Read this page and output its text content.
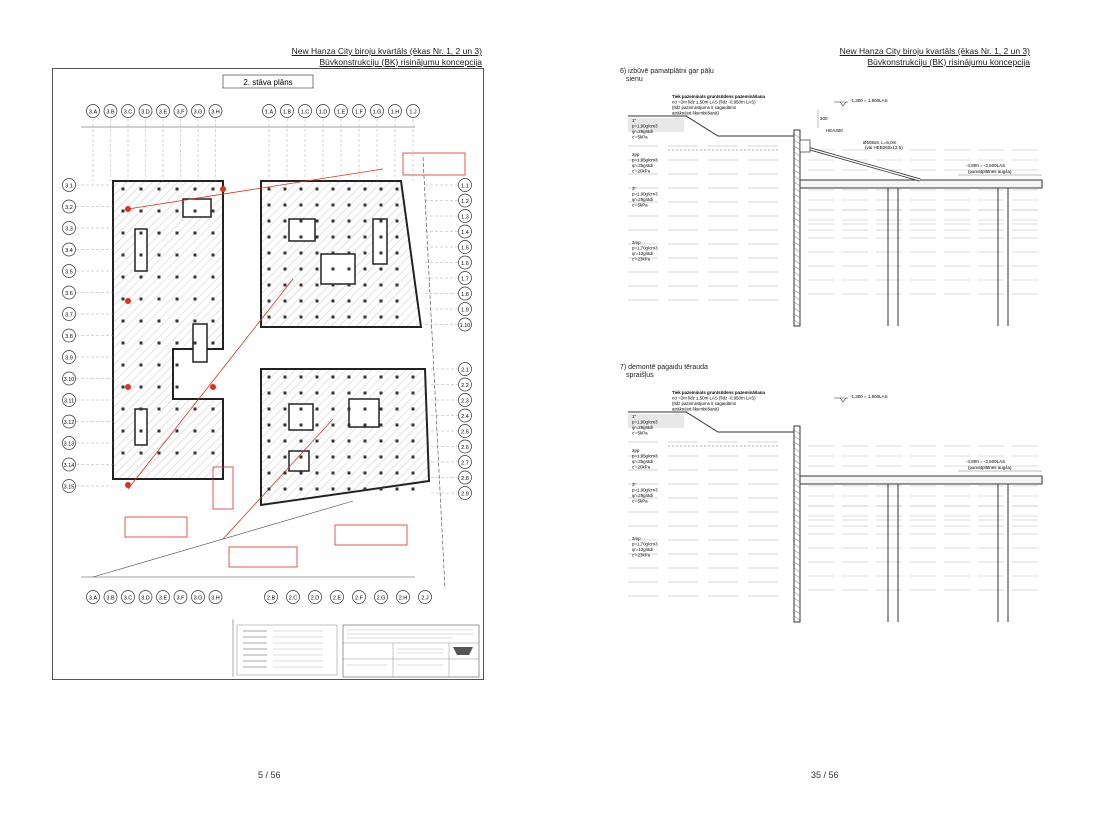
New Hanza City biroju kvartāls (ēkas Nr. 1, 2 un 3)
Būvkonstrukciju (BK) risinājumu koncepcija
2. stāva plāns
3.A 3.B 3.C 3.D 3.E 3.F 3.G 3.H	1.A 1.B 1.C 1.D 1.E 1.F 1.G 1.H 1.J
3.A 3.B 3.C 3.D 3.E 3.F 3.G 3.H	2.B 2.C 2.D 2.E	2.F 2.G 2.H	2.J
3.1
3.2
3.3
3.4
3.5
3.6
3.7
3.8
3.9
3.10
3.11
3.12
3.13
3.14
3.15
1.1
1.2
1.3
1.4
1.5
1.6
1.7
1.8
1.9
1.10
2.1
2.2
2.3
2.4
2.5
2.6
2.7
2.8
2.9
5 / 56
New Hanza City biroju kvartāls (ēkas Nr. 1, 2 un 3)
Būvkonstrukciju (BK) risinājumu koncepcija
6) izbūvē pamatplātni gar pāļu
sienu
-1,300 = 1,900LAS
-4,800 = -3,600LAS
(pamatplātnes augša)
Ø508x9, L=6,0m
(vai HEB260x12.5)
HEA300
300
Tiek pazeminats gruntsūdens pazemināšana
no ~2m līdz 1,50m LAS (līdz -0,950m LAS)
(līdz pazeminājums ir sagaidāms
atrāknējot šķembēšanā)
1"
p=1,90g/cm3
φ'=29grādi
c'=5kPa
2pp
p=1,95g/cm3
φ'=35grādi
c'=20kPa
3"
p=1,90g/cm3
φ'=29grādi
c'=5kPa
3mp
p=1,70g/cm3
φ'=12grādi
c'=23kPa
7) demontē pagaidu tērauda
spraišļus
-1,300 = 1,900LAS
-4,800 = -3,600LAS
(pamatplātnes augša)
Tiek pazeminats gruntsūdens pazemināšana
no ~2m līdz 1,50m LAS (līdz -0,950m LAS)
(līdz pazeminājums ir sagaidāms
atrāknējot šķembēšanā)
1"
p=1,90g/cm3
φ'=29grādi
c'=5kPa
2pp
p=1,95g/cm3
φ'=35grādi
c'=20kPa
3"
p=1,90g/cm3
φ'=29grādi
c'=5kPa
3mp
p=1,70g/cm3
φ'=12grādi
c'=23kPa
35 / 56
